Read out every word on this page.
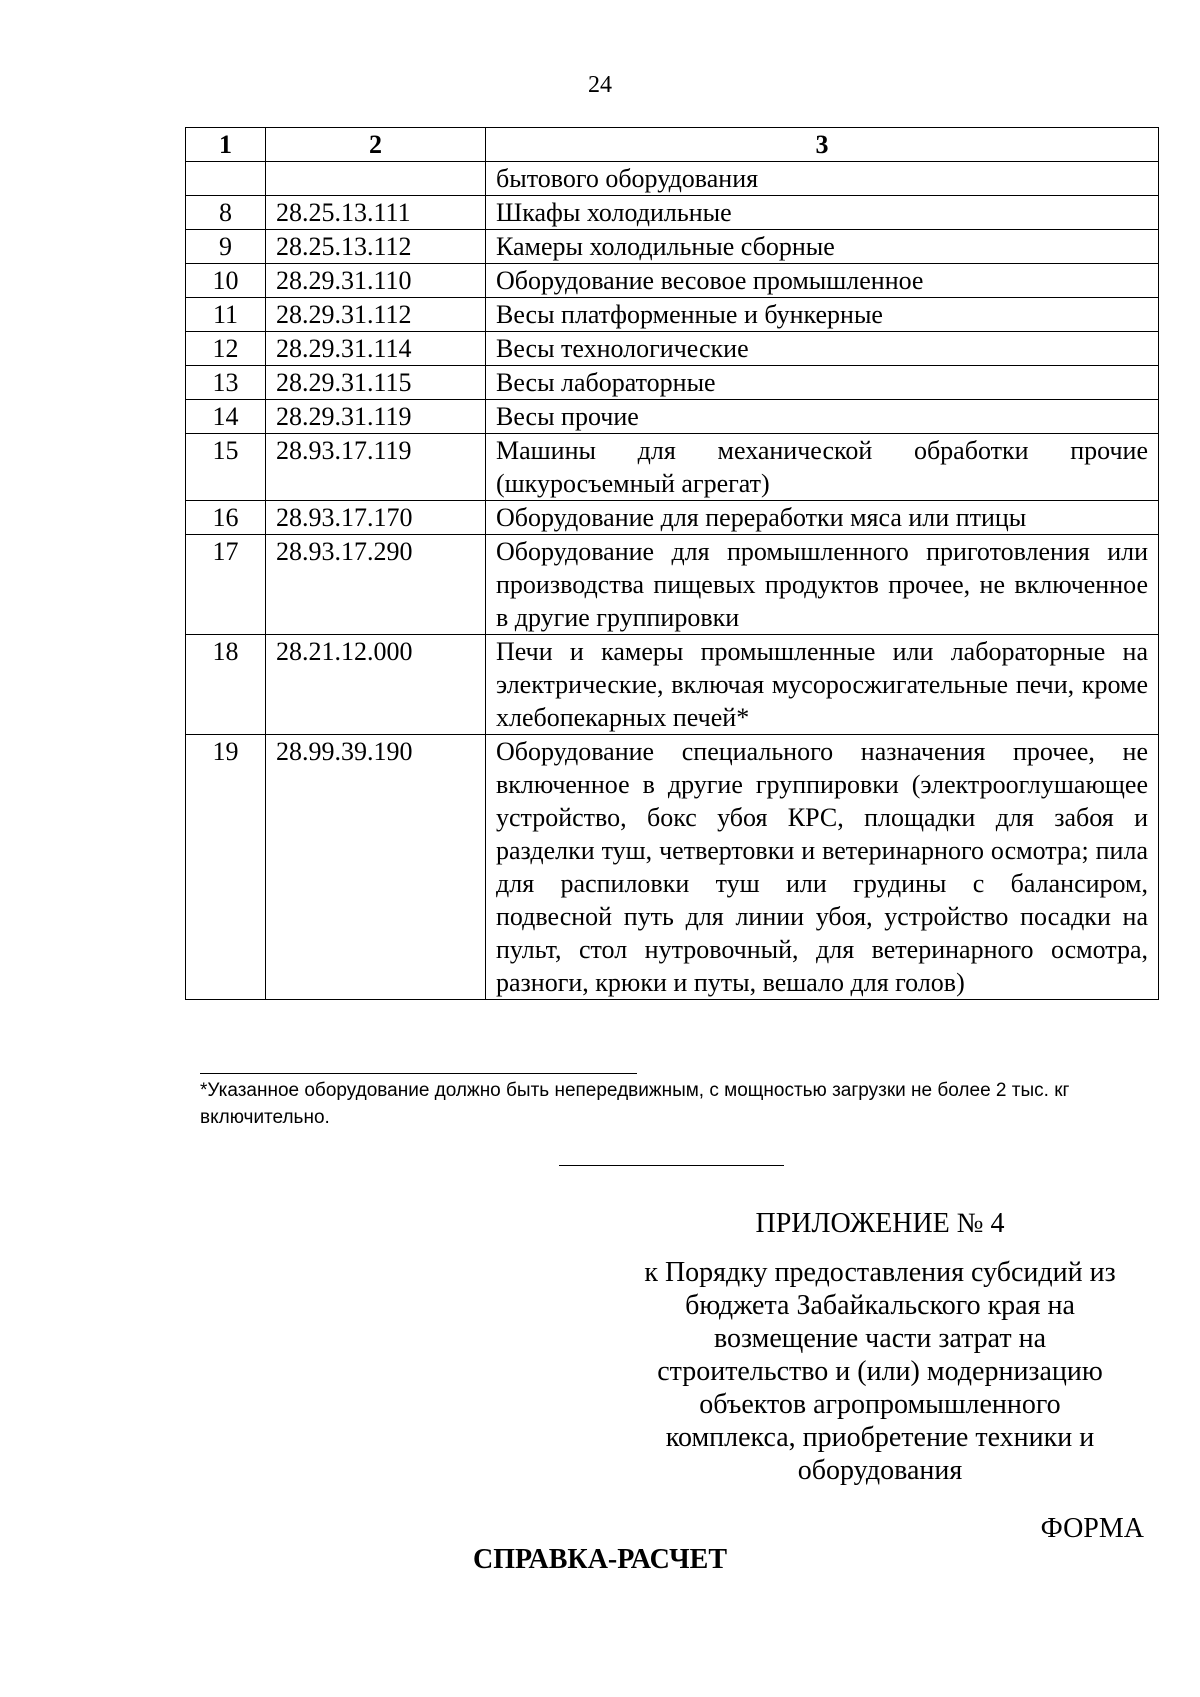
24
1	2	3
		бытового оборудования
8	28.25.13.111	Шкафы холодильные
9	28.25.13.112	Камеры холодильные сборные
10	28.29.31.110	Оборудование весовое промышленное
11	28.29.31.112	Весы платформенные и бункерные
12	28.29.31.114	Весы технологические
13	28.29.31.115	Весы лабораторные
14	28.29.31.119	Весы прочие
15	28.93.17.119	Машины для механической обработки прочие (шкуросъемный агрегат)
16	28.93.17.170	Оборудование для переработки мяса или птицы
17	28.93.17.290	Оборудование для промышленного приготовления или производства пищевых продуктов прочее, не включенное в другие группировки
18	28.21.12.000	Печи и камеры промышленные или лабораторные на электрические, включая мусоросжигательные печи, кроме хлебопекарных печей*
19	28.99.39.190	Оборудование специального назначения прочее, не включенное в другие группировки (электрооглушающее устройство, бокс убоя КРС, площадки для забоя и разделки туш, четвертовки и ветеринарного осмотра; пила для распиловки туш или грудины с балансиром, подвесной путь для линии убоя, устройство посадки на пульт, стол нутровочный, для ветеринарного осмотра, разноги, крюки и путы, вешало для голов)
*Указанное оборудование должно быть непередвижным, с мощностью загрузки не более 2 тыс. кг включительно.
ПРИЛОЖЕНИЕ № 4
к Порядку предоставления субсидий из
бюджета Забайкальского края на
возмещение части затрат на
строительство и (или) модернизацию
объектов агропромышленного
комплекса, приобретение техники и
оборудования
ФОРМА
СПРАВКА-РАСЧЕТ
